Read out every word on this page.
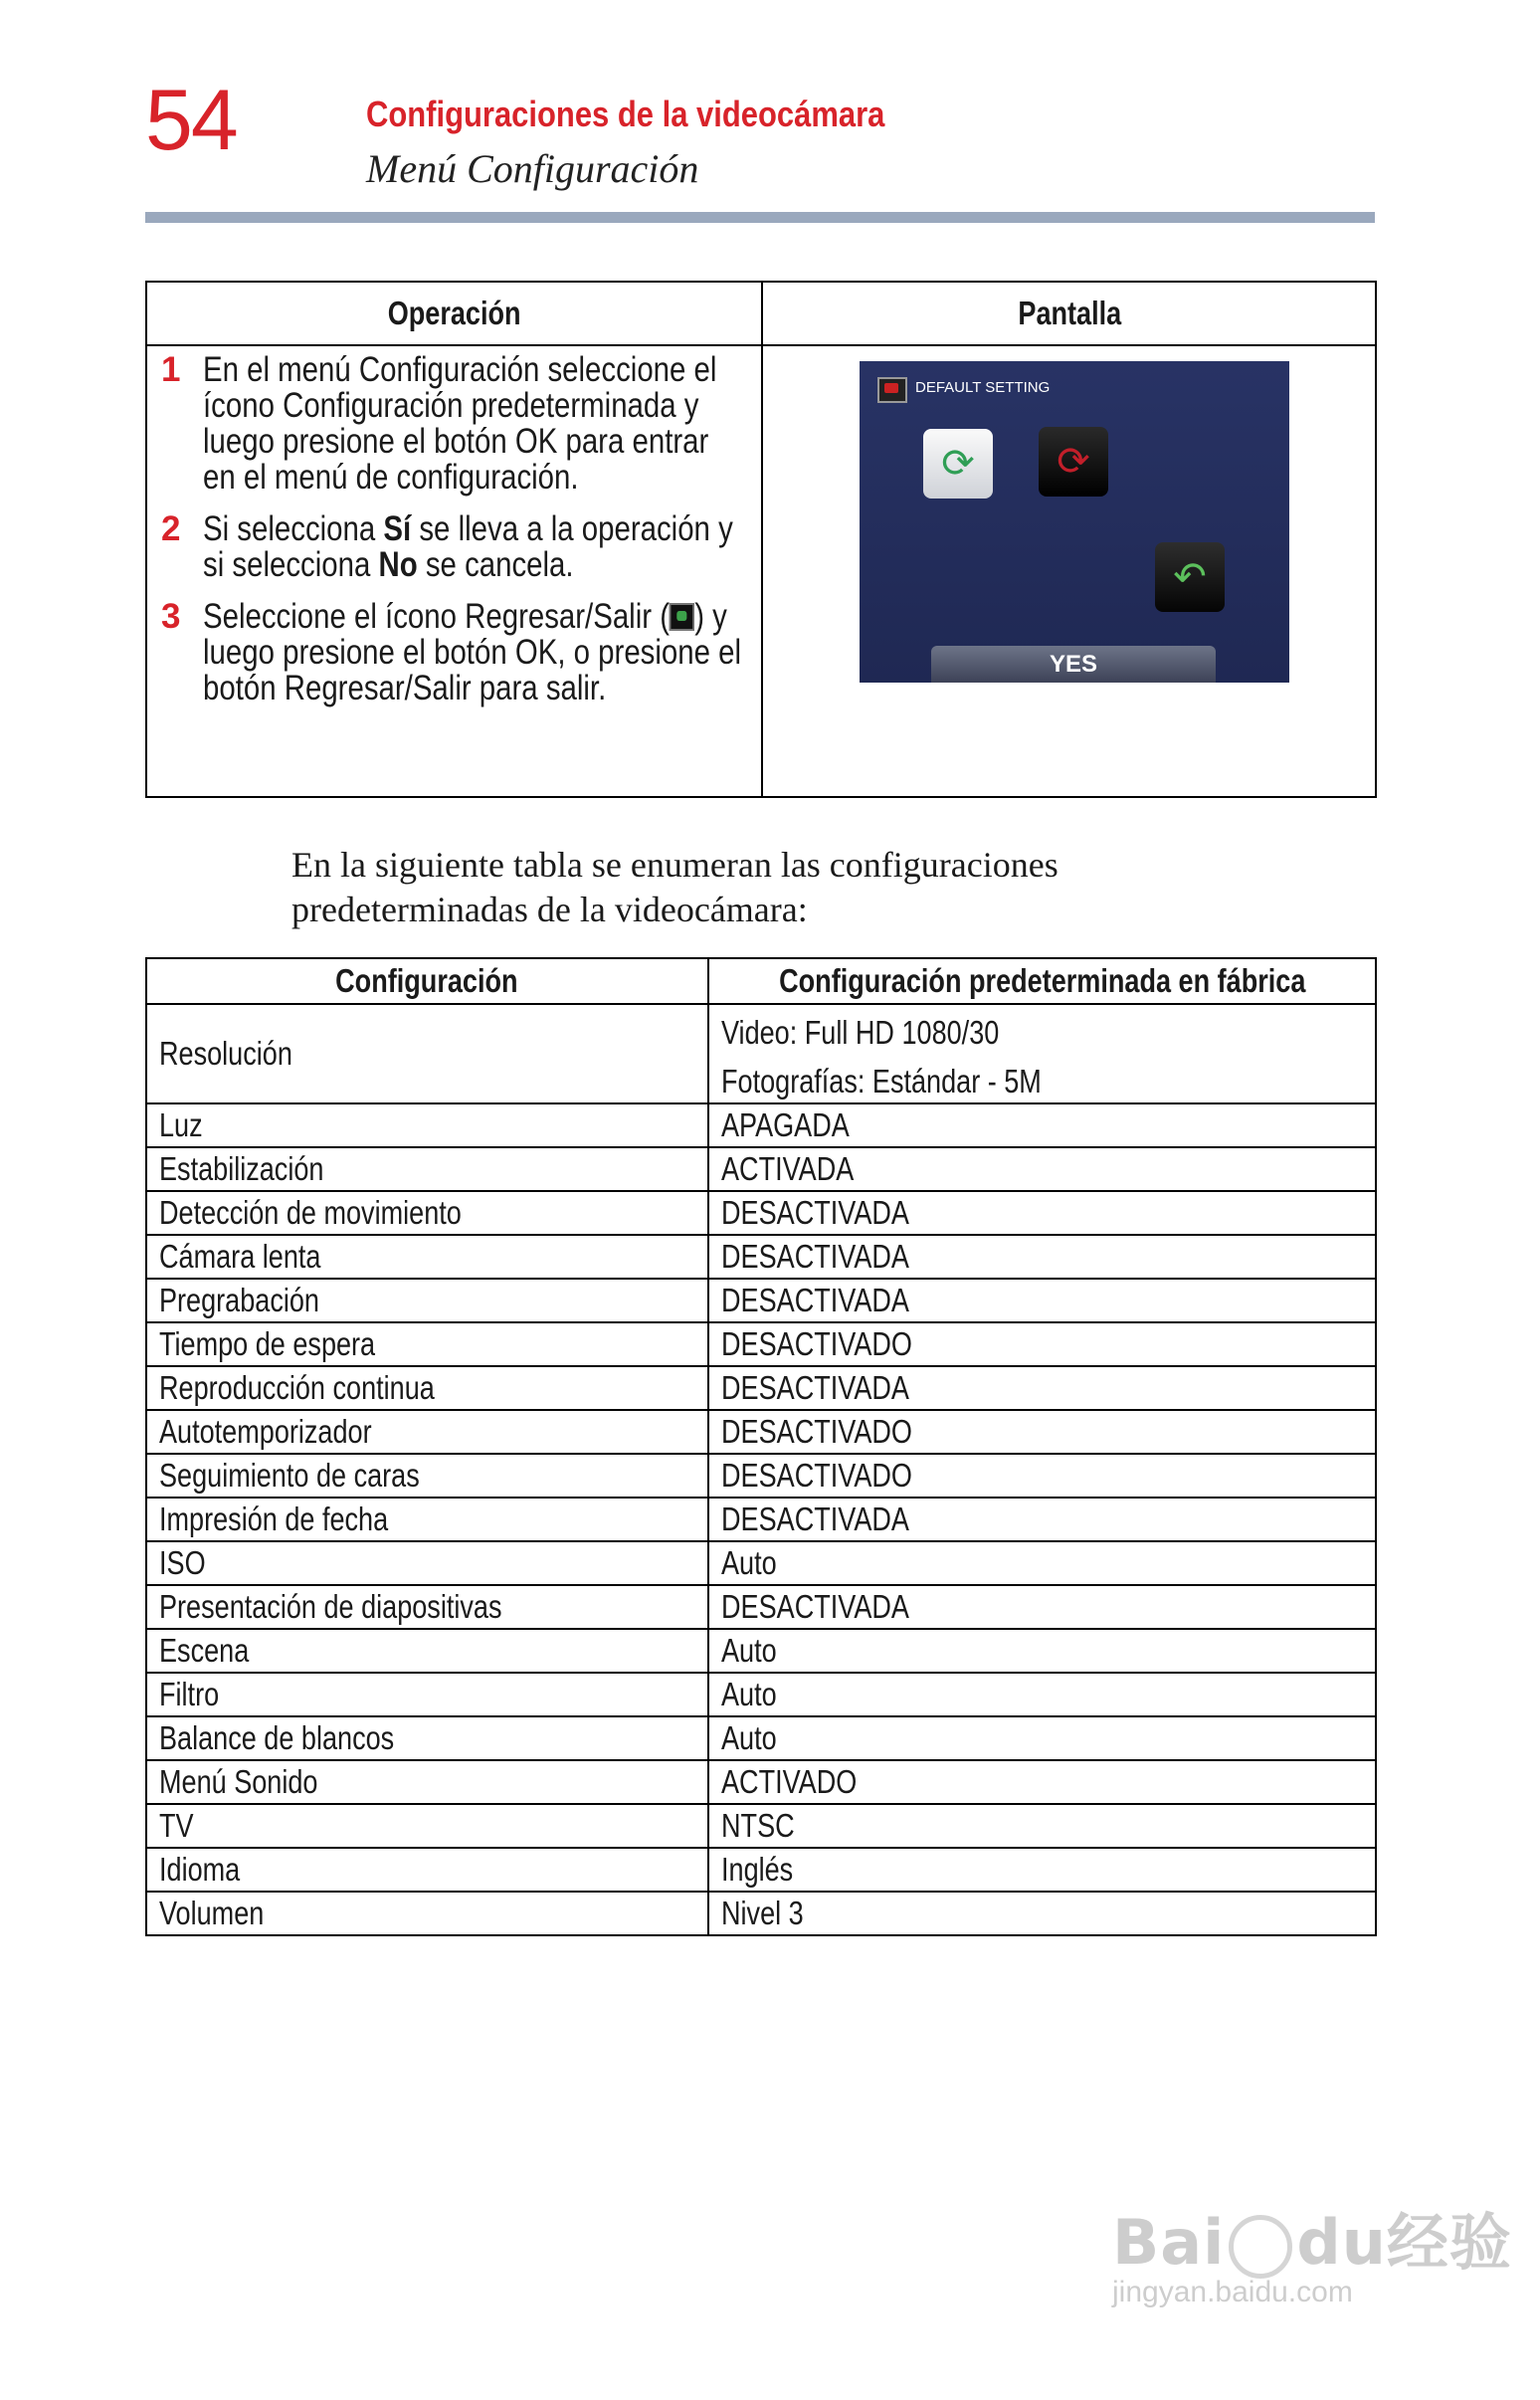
54	Configuraciones de la videocámara
Menú Configuración
Operación	Pantalla
1 En el menú Configuración seleccione el ícono Configuración predeterminada y luego presione el botón OK para entrar en el menú de configuración.
2 Si selecciona Sí se lleva a la operación y si selecciona No se cancela.
3 Seleccione el ícono Regresar/Salir ( ) y luego presione el botón OK, o presione el botón Regresar/Salir para salir.
DEFAULT SETTING
⟳ ⟳
↶
YES
En la siguiente tabla se enumeran las configuraciones predeterminadas de la videocámara:
Configuración	Configuración predeterminada en fábrica
Resolución	Video: Full HD 1080/30 Fotografías: Estándar - 5M
Luz	APAGADA
Estabilización	ACTIVADA
Detección de movimiento	DESACTIVADA
Cámara lenta	DESACTIVADA
Pregrabación	DESACTIVADA
Tiempo de espera	DESACTIVADO
Reproducción continua	DESACTIVADA
Autotemporizador	DESACTIVADO
Seguimiento de caras	DESACTIVADO
Impresión de fecha	DESACTIVADA
ISO	Auto
Presentación de diapositivas	DESACTIVADA
Escena	Auto
Filtro	Auto
Balance de blancos	Auto
Menú Sonido	ACTIVADO
TV	NTSC
Idioma	Inglés
Volumen	Nivel 3
Bai du经验
jingyan.baidu.com
